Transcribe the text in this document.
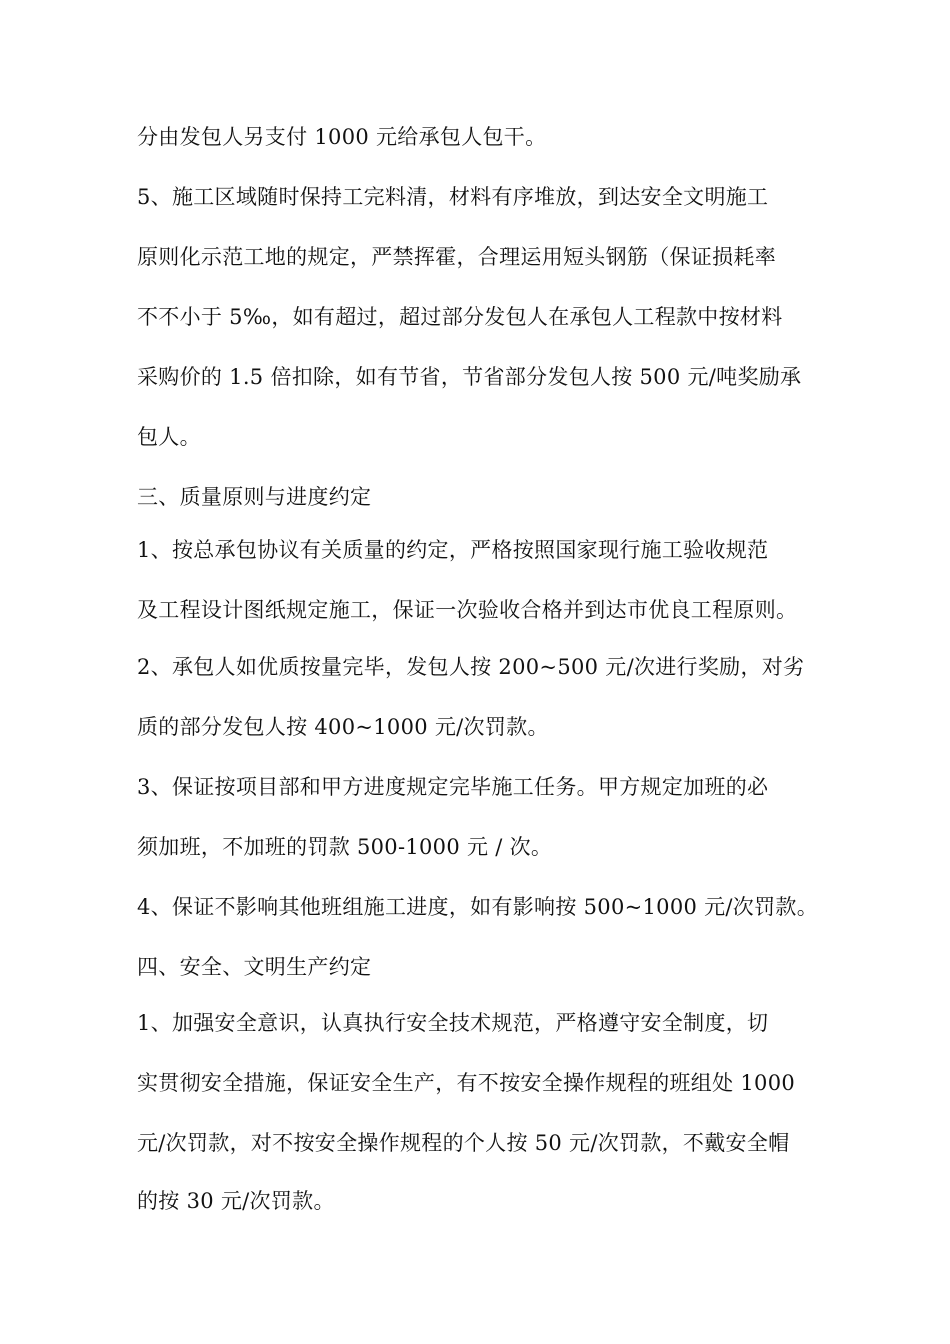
分由发包人另支付 1000 元给承包人包干。
5、施工区域随时保持工完料清，材料有序堆放，到达安全文明施工
原则化示范工地的规定，严禁挥霍，合理运用短头钢筋（保证损耗率
不不小于 5‰，如有超过，超过部分发包人在承包人工程款中按材料
采购价的 1.5 倍扣除，如有节省，节省部分发包人按 500 元/吨奖励承
包人。
三、质量原则与进度约定
1、按总承包协议有关质量的约定，严格按照国家现行施工验收规范
及工程设计图纸规定施工，保证一次验收合格并到达市优良工程原则。
2、承包人如优质按量完毕，发包人按 200~500 元/次进行奖励，对劣
质的部分发包人按 400~1000 元/次罚款。
3、保证按项目部和甲方进度规定完毕施工任务。甲方规定加班的必
须加班，不加班的罚款 500-1000 元 / 次。
4、保证不影响其他班组施工进度，如有影响按 500~1000 元/次罚款。
四、安全、文明生产约定
1、加强安全意识，认真执行安全技术规范，严格遵守安全制度，切
实贯彻安全措施，保证安全生产，有不按安全操作规程的班组处 1000
元/次罚款，对不按安全操作规程的个人按 50 元/次罚款，不戴安全帽
的按 30 元/次罚款。
